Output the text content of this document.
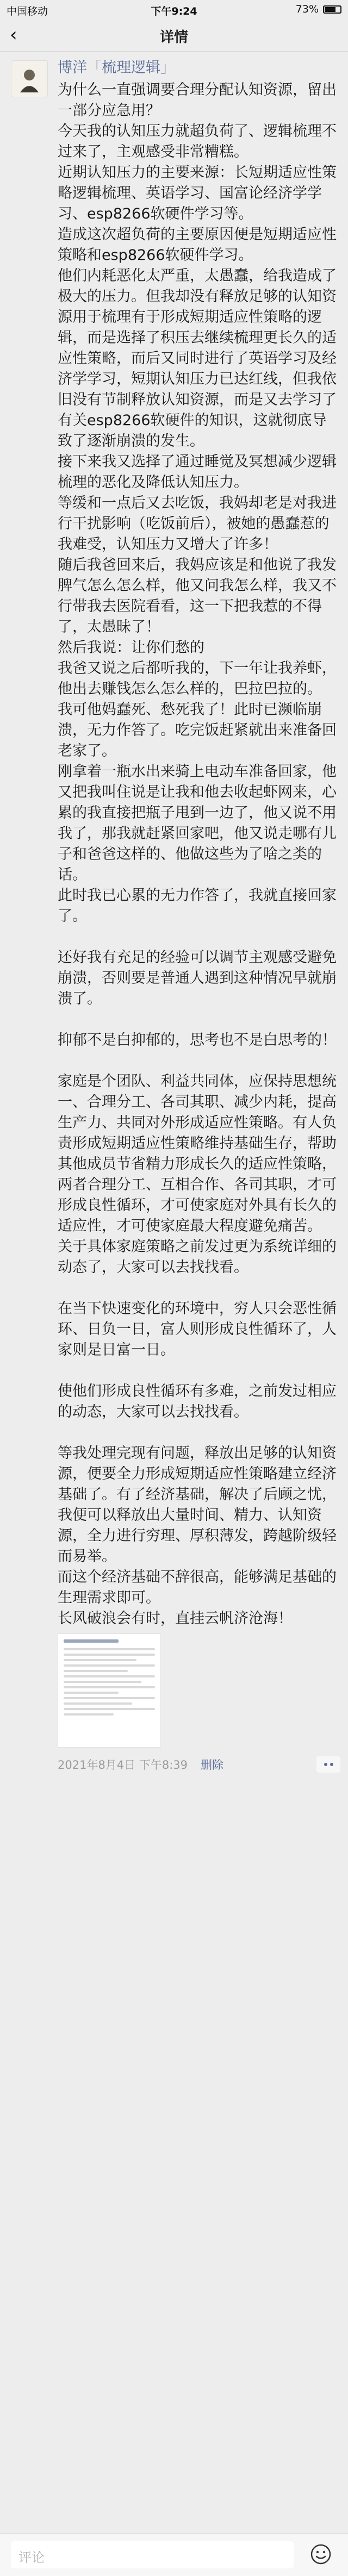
中国移动	下午9:24	73%
‹	详情
博洋「梳理逻辑」

为什么一直强调要合理分配认知资源，留出一部分应急用？

今天我的认知压力就超负荷了、逻辑梳理不过来了，主观感受非常糟糕。

近期认知压力的主要来源：长短期适应性策略逻辑梳理、英语学习、国富论经济学学习、esp8266软硬件学习等。

造成这次超负荷的主要原因便是短期适应性策略和esp8266软硬件学习。

他们内耗恶化太严重，太愚蠢，给我造成了极大的压力。但我却没有释放足够的认知资源用于梳理有于形成短期适应性策略的逻辑，而是选择了积压去继续梳理更长久的适应性策略，而后又同时进行了英语学习及经济学学习，短期认知压力已达红线，但我依旧没有节制释放认知资源，而是又去学习了有关esp8266软硬件的知识，这就彻底导致了逐渐崩溃的发生。

接下来我又选择了通过睡觉及冥想减少逻辑梳理的恶化及降低认知压力。

等缓和一点后又去吃饭，我妈却老是对我进行干扰影响（吃饭前后），被她的愚蠢惹的我难受，认知压力又增大了许多！

随后我爸回来后，我妈应该是和他说了我发脾气怎么怎么样，他又问我怎么样，我又不行带我去医院看看，这一下把我惹的不得了，太愚昧了！

然后我说：让你们愁的

我爸又说之后都听我的，下一年让我养虾，他出去赚钱怎么怎么样的，巴拉巴拉的。

我可他妈蠢死、愁死我了！此时已濒临崩溃，无力作答了。吃完饭赶紧就出来准备回老家了。

刚拿着一瓶水出来骑上电动车准备回家，他又把我叫住说是让我和他去收起虾网来，心累的我直接把瓶子甩到一边了，他又说不用我了，那我就赶紧回家吧，他又说走哪有儿子和爸爸这样的、他做这些为了啥之类的话。

此时我已心累的无力作答了，我就直接回家了。

还好我有充足的经验可以调节主观感受避免崩溃，否则要是普通人遇到这种情况早就崩溃了。

抑郁不是白抑郁的，思考也不是白思考的！

家庭是个团队、利益共同体，应保持思想统一、合理分工、各司其职、减少内耗，提高生产力、共同对外形成适应性策略。有人负责形成短期适应性策略维持基础生存，帮助其他成员节省精力形成长久的适应性策略，两者合理分工、互相合作、各司其职，才可形成良性循环，才可使家庭对外具有长久的适应性，才可使家庭最大程度避免痛苦。

关于具体家庭策略之前发过更为系统详细的动态了，大家可以去找找看。

在当下快速变化的环境中，穷人只会恶性循环、日负一日，富人则形成良性循环了，人家则是日富一日。

使他们形成良性循环有多难，之前发过相应的动态，大家可以去找找看。

等我处理完现有问题，释放出足够的认知资源，便要全力形成短期适应性策略建立经济基础了。有了经济基础，解决了后顾之忧，我便可以释放出大量时间、精力、认知资源，全力进行穷理、厚积薄发，跨越阶级轻而易举。

而这个经济基础不辞很高，能够满足基础的生理需求即可。

长风破浪会有时，直挂云帆济沧海！

2021年8月4日 下午8:39 删除
评论
